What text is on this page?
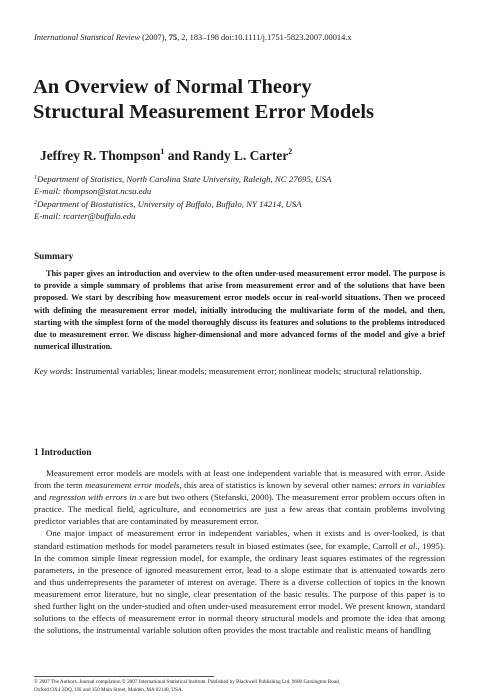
International Statistical Review (2007), 75, 2, 183–198 doi:10.1111/j.1751-5823.2007.00014.x
An Overview of Normal Theory
Structural Measurement Error Models
Jeffrey R. Thompson$^1$ and Randy L. Carter$^2$
$^1$Department of Statistics, North Carolina State University, Raleigh, NC 27695, USA
E-mail: thompson@stat.ncsu.edu
$^2$Department of Biostatistics, University of Buffalo, Buffalo, NY 14214, USA
E-mail: rcarter@buffalo.edu
Summary
This paper gives an introduction and overview to the often under-used measurement error model. The purpose is to provide a simple summary of problems that arise from measurement error and of the solutions that have been proposed. We start by describing how measurement error models occur in real-world situations. Then we proceed with defining the measurement error model, initially introducing the multivariate form of the model, and then, starting with the simplest form of the model thoroughly discuss its features and solutions to the problems introduced due to measurement error. We discuss higher-dimensional and more advanced forms of the model and give a brief numerical illustration.
Key words: Instrumental variables; linear models; measurement error; nonlinear models; structural relationship.
1 Introduction

Measurement error models are models with at least one independent variable that is measured with error. Aside from the term measurement error models, this area of statistics is known by several other names: errors in variables and regression with errors in x are but two others (Stefanski, 2000). The measurement error problem occurs often in practice. The medical field, agriculture, and econometrics are just a few areas that contain problems involving predictor variables that are contaminated by measurement error.

One major impact of measurement error in independent variables, when it exists and is over-looked, is that standard estimation methods for model parameters result in biased estimates (see, for example, Carroll et al., 1995). In the common simple linear regression model, for example, the ordinary least squares estimates of the regression parameters, in the presence of ignored measurement error, lead to a slope estimate that is attenuated towards zero and thus underrepresents the parameter of interest on average. There is a diverse collection of topics in the known measurement error literature, but no single, clear presentation of the basic results. The purpose of this paper is to shed further light on the under-studied and often under-used measurement error model. We present known, standard solutions to the effects of measurement error in normal theory structural models and promote the idea that among the solutions, the instrumental variable solution often provides the most tractable and realistic means of handling

© 2007 The Authors. Journal compilation © 2007 International Statistical Institute. Published by Blackwell Publishing Ltd, 9600 Garsington Road,
Oxford OX4 2DQ, UK and 350 Main Street, Malden, MA 02148, USA.
